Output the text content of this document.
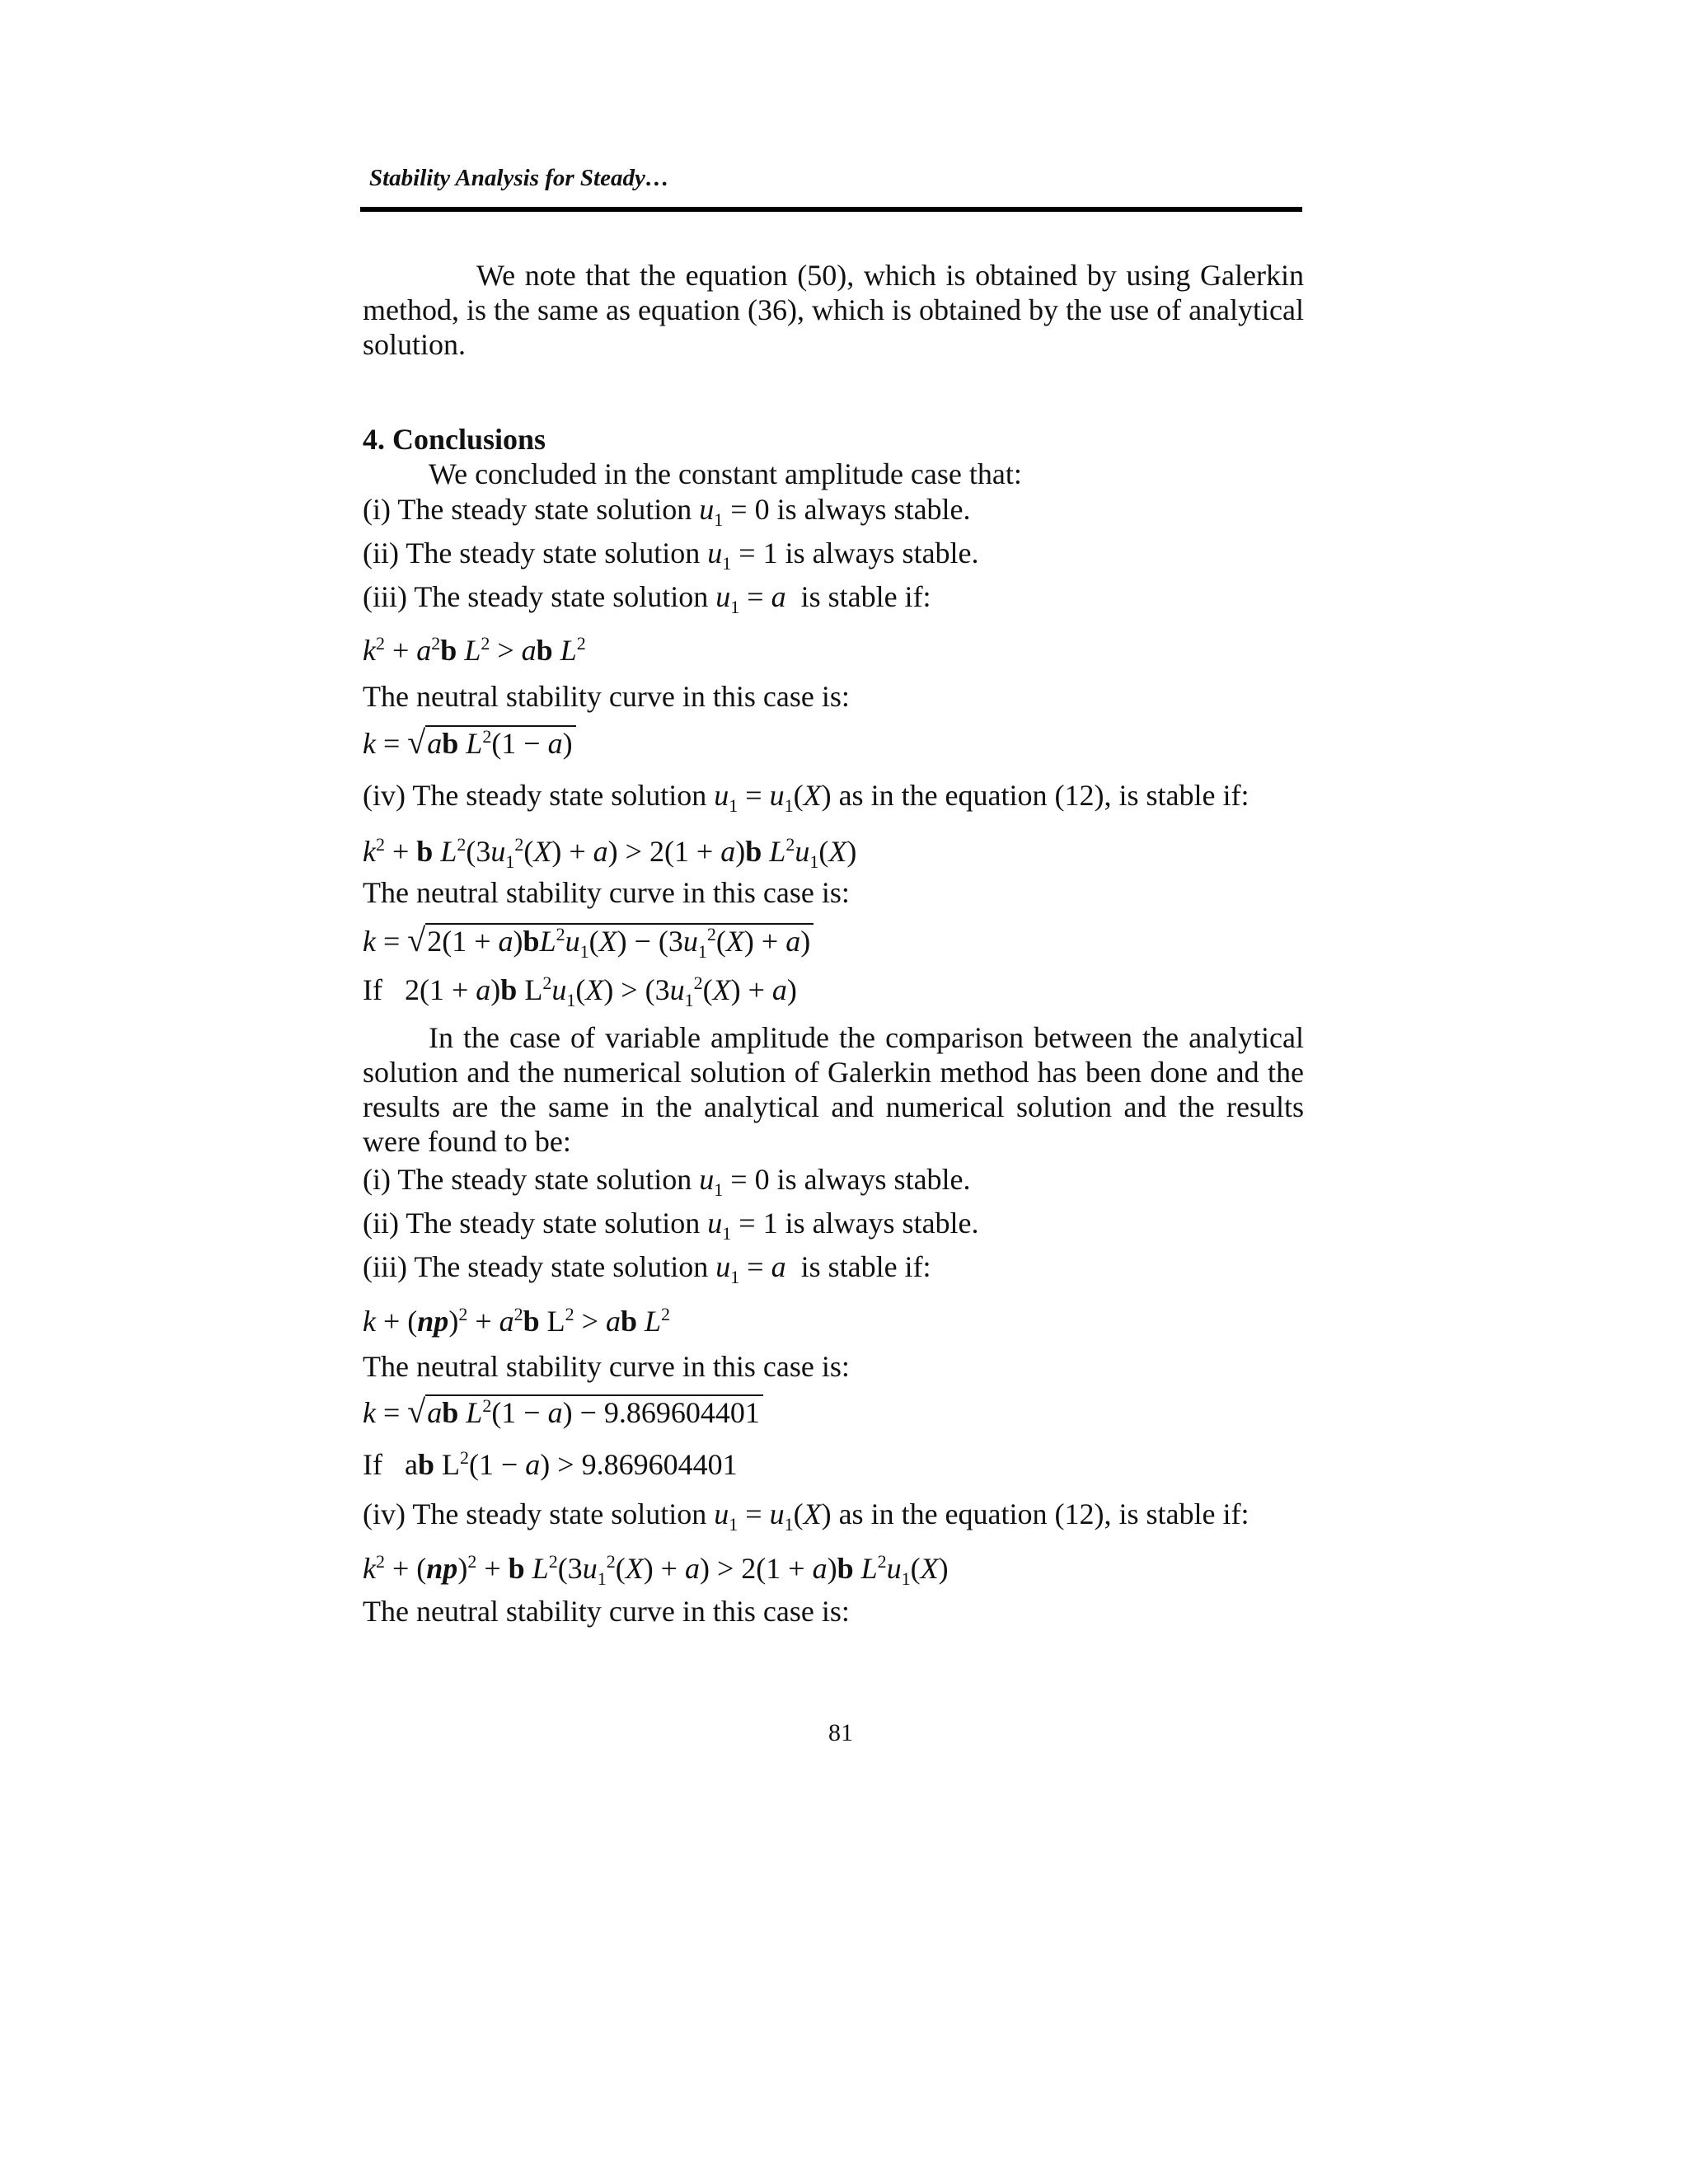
Stability Analysis for Steady…
We note that the equation (50), which is obtained by using Galerkin method, is the same as equation (36), which is obtained by the use of analytical solution.
4. Conclusions
We concluded in the constant amplitude case that:
(i) The steady state solution $u_1 = 0$ is always stable.
(ii) The steady state solution $u_1 = 1$ is always stable.
(iii) The steady state solution $u_1 = a$ is stable if:
$k^2 + a^2b$ $L^2$ > ab $L^2$
The neutral stability curve in this case is:
k = √ab $L^2(1 - a)$
(iv) The steady state solution $u_1 = u_1(X)$ as in the equation (12), is stable if:
$k^2 + b$ $L^2(3u_1^2(X) + a) > 2(1 + a)b$ $L^2u_1(X)$
The neutral stability curve in this case is:
$k = √2(1 + a)bL^2u_1(X) - (3u_1^2(X) + a)$
If   2(1 + a)b $L^2u_1(X) > (3u_1^2(X) + a)$
In the case of variable amplitude the comparison between the analytical solution and the numerical solution of Galerkin method has been done and the results are the same in the analytical and numerical solution and the results were found to be:
(i) The steady state solution $u_1 = 0$ is always stable.
(ii) The steady state solution $u_1 = 1$ is always stable.
(iii) The steady state solution $u_1 = a$ is stable if:
$k + (np)^2 + a^2b$ $L^2$ > ab $L^2$
The neutral stability curve in this case is:
k = √ab $L^2(1 - a) - 9.869604401$
If   ab $L^2(1 - a) > 9.869604401$
(iv) The steady state solution $u_1 = u_1(X)$ as in the equation (12), is stable if:
$k^2 + (np)^2 + b$ $L^2(3u_1^2(X) + a) > 2(1 + a)b$ $L^2u_1(X)$
The neutral stability curve in this case is:
81
